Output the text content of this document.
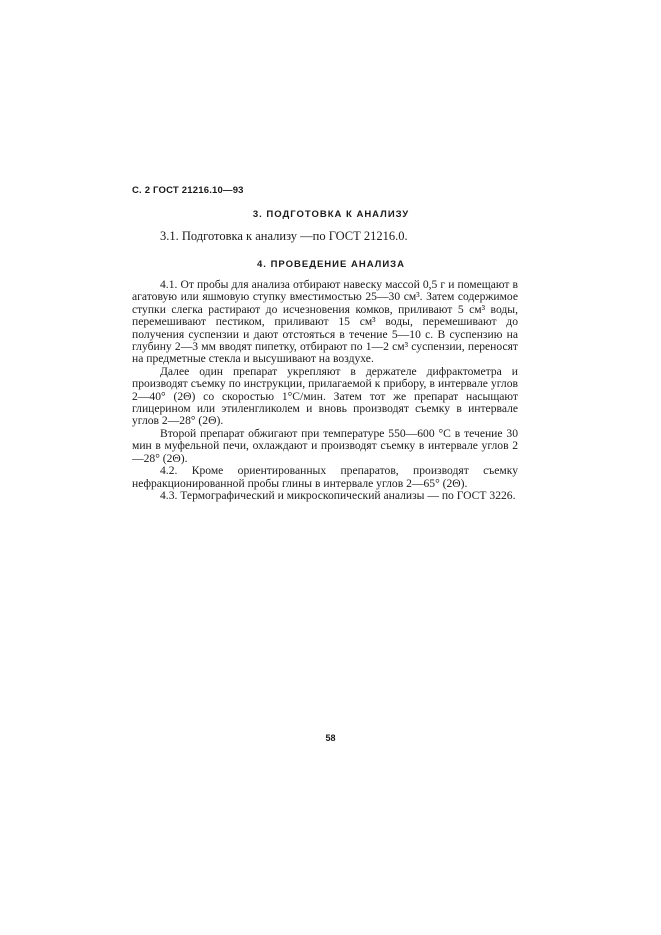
С. 2 ГОСТ 21216.10—93
3. ПОДГОТОВКА К АНАЛИЗУ
3.1. Подготовка к анализу —по ГОСТ 21216.0.
4. ПРОВЕДЕНИЕ АНАЛИЗА

4.1. От пробы для анализа отбирают навеску массой 0,5 г и помещают в агатовую или яшмовую ступку вместимостью 25—30 см³. Затем содержимое ступки слегка растирают до исчезновения комков, приливают 5 см³ воды, перемешивают пестиком, приливают 15 см³ воды, перемешивают до получения суспензии и дают отстояться в течение 5—10 с. В суспензию на глубину 2—3 мм вводят пипетку, отбирают по 1—2 см³ суспензии, переносят на предметные стекла и высушивают на воздухе.

Далее один препарат укрепляют в держателе дифрактометра и производят съемку по инструкции, прилагаемой к прибору, в интервале углов 2—40° (2Θ) со скоростью 1°С/мин. Затем тот же препарат насыщают глицерином или этиленгликолем и вновь производят съемку в интервале углов 2—28° (2Θ).

Второй препарат обжигают при температуре 550—600 °С в течение 30 мин в муфельной печи, охлаждают и производят съемку в интервале углов 2—28° (2Θ).

4.2. Кроме ориентированных препаратов, производят съемку нефракционированной пробы глины в интервале углов 2—65° (2Θ).

4.3. Термографический и микроскопический анализы — по ГОСТ 3226.

58
